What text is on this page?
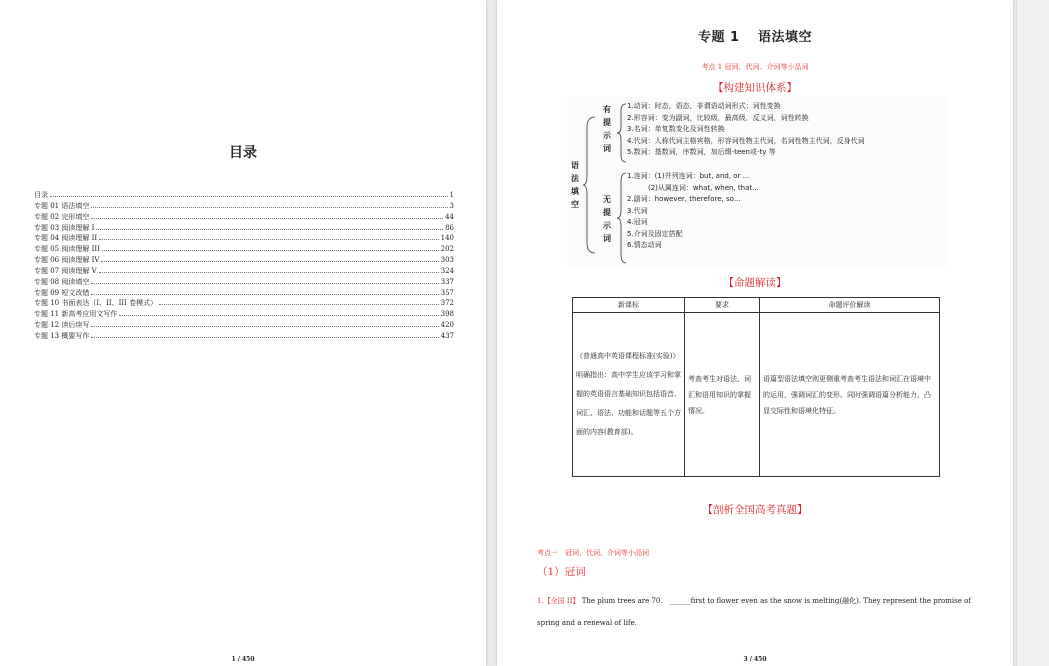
目录
目录	1
专题 01 语法填空	3
专题 02 完形填空	44
专题 03 阅读理解 I	86
专题 04 阅读理解 II	140
专题 05 阅读理解 III	202
专题 06 阅读理解 IV	303
专题 07 阅读理解 V	324
专题 08 阅读填空	337
专题 09 短文改错	357
专题 10 书面表达（I、II、III 卷模式）	372
专题 11 新高考应用文写作	398
专题 12 读后续写	420
专题 13 概要写作	437
1 / 450
专题 1　 语法填空
考点 1 冠词、代词、介词等小品词
【构建知识体系】
语法填空
有提示词
1.动词：时态，语态，非谓语动词形式；词性变换
2.形容词：变为副词，比较级，最高级，反义词，词性转换
3.名词：单复数变化及词性转换
4.代词：人称代词主格宾格，形容词性物主代词，名词性物主代词，反身代词
5.数词：基数词，序数词，加后缀-teen或-ty 等
无提示词
1.连词：(1)并列连词：but, and, or ...
　　　(2)从属连词：what, when, that...
2.副词：however, therefore, so...
3.代词
4.冠词
5.介词及固定搭配
6.情态动词
【命题解读】
新课标	要求	命题评价解读
《普通高中英语课程标准(实验)》明确指出：高中学生应该学习和掌握的英语语言基础知识包括语音、词汇、语法、功能和话题等五个方面的内容(教育部)。	考查考生对语法、词汇和语用知识的掌握情况。	语篇型语法填空则更侧重考查考生语法和词汇在语境中的运用，强调词汇的变形。同时强调语篇分析能力，凸显交际性和语境化特征。
【剖析全国高考真题】
考点一　冠词、代词、介词等小品词
（1）冠词
1.【全国 II】 The plum trees are 70.　______first to flower even as the snow is melting(融化). They represent the promise of spring and a renewal of life.
3 / 450
